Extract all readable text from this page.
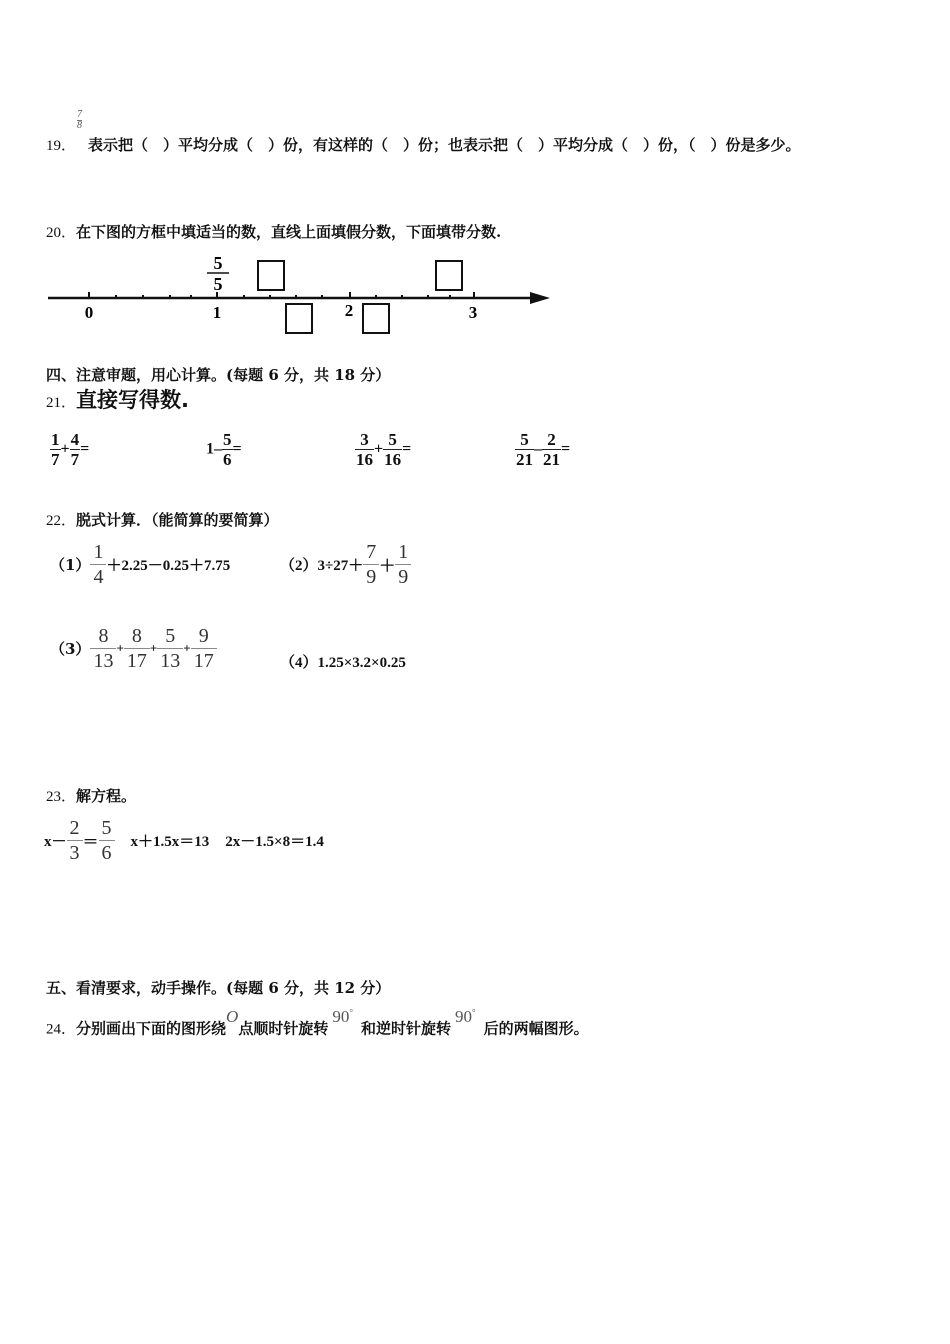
$\frac{7}{8}$
19． 表示把（　）平均分成（　）份，有这样的（　）份；也表示把（　）平均分成（　）份，（　）份是多少。
20．在下图的方框中填适当的数，直线上面填假分数，下面填带分数.
5
5
0	1	2	3
四、注意审题，用心计算。(每题 6 分，共 18 分）
21．直接写得数.
$\frac{1}{7} + \frac{4}{7}$ =	$1- \frac{5}{6}$ =	$\frac{3}{16} + \frac{5}{16}$ =	$\frac{5}{21} - \frac{2}{21}$ =
22．脱式计算．（能简算的要简算）
$(1) \frac{1}{4} +2.25-0.25+7.75$	$(2)3\div 27+ \frac{7}{9} + \frac{1}{9}$
$(3) \frac{8}{13} + \frac{8}{17} + \frac{5}{13} + \frac{9}{17}$	（4）1.25×3.2×0.25
23．解方程。
$x- \frac{2}{3} = \frac{5}{6} x+1.5x=13$ 2x－1.5×8＝1.4
五、看清要求，动手操作。(每题 6 分，共 12 分）
24．分别画出下面的图形绕O点顺时针旋转90°和逆时针旋转90°后的两幅图形。
